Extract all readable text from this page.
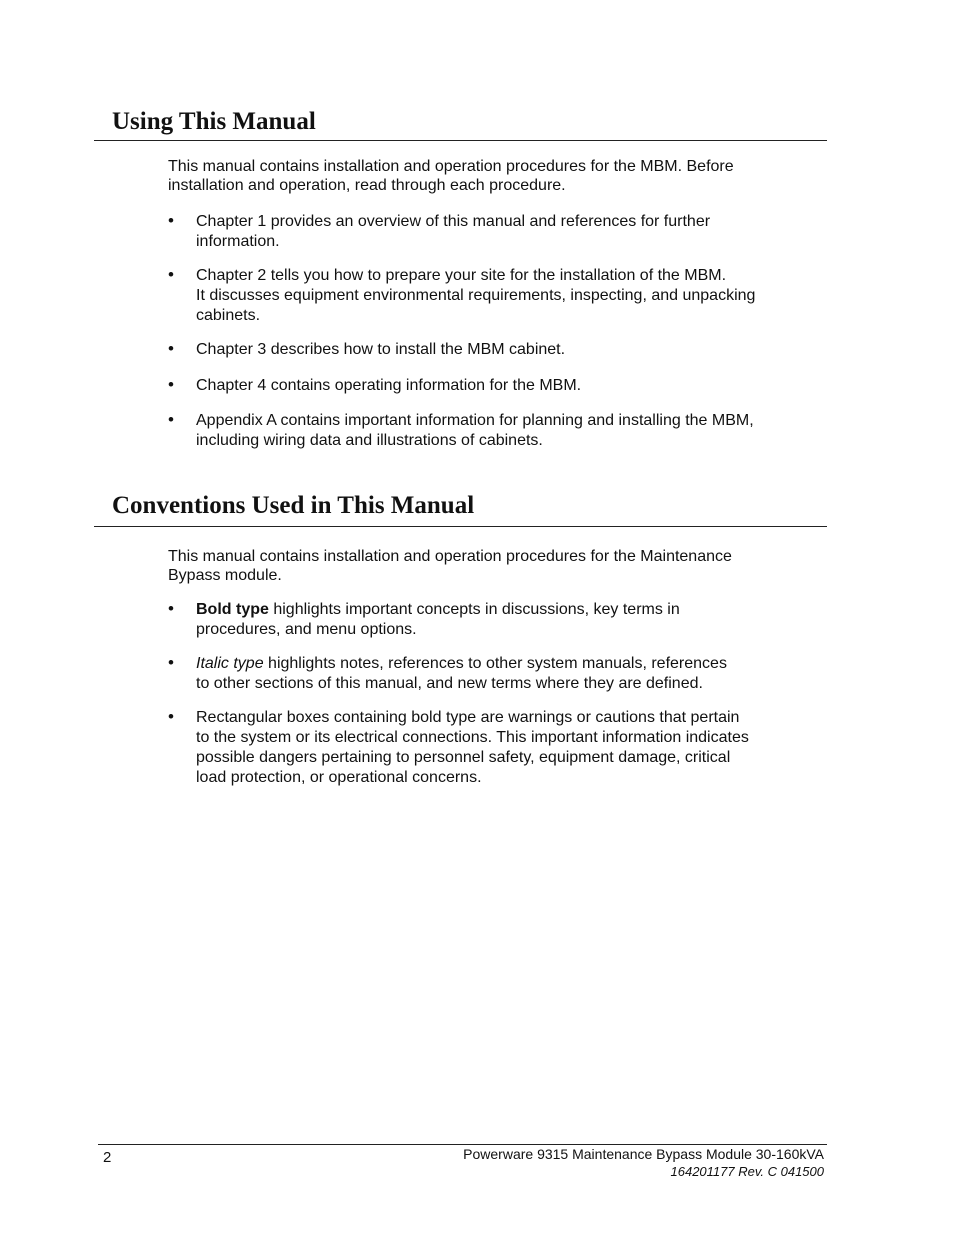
Using This Manual

This manual contains installation and operation procedures for the MBM. Before
installation and operation, read through each procedure.

• Chapter 1 provides an overview of this manual and references for further
information.
• Chapter 2 tells you how to prepare your site for the installation of the MBM.
It discusses equipment environmental requirements, inspecting, and unpacking
cabinets.
• Chapter 3 describes how to install the MBM cabinet.
• Chapter 4 contains operating information for the MBM.
• Appendix A contains important information for planning and installing the MBM,
including wiring data and illustrations of cabinets.
Conventions Used in This Manual

This manual contains installation and operation procedures for the Maintenance
Bypass module.

• Bold type highlights important concepts in discussions, key terms in
procedures, and menu options.
• Italic type highlights notes, references to other system manuals, references
to other sections of this manual, and new terms where they are defined.
• Rectangular boxes containing bold type are warnings or cautions that pertain
to the system or its electrical connections. This important information indicates
possible dangers pertaining to personnel safety, equipment damage, critical
load protection, or operational concerns.
2	Powerware 9315 Maintenance Bypass Module 30-160kVA
164201177 Rev. C 041500
